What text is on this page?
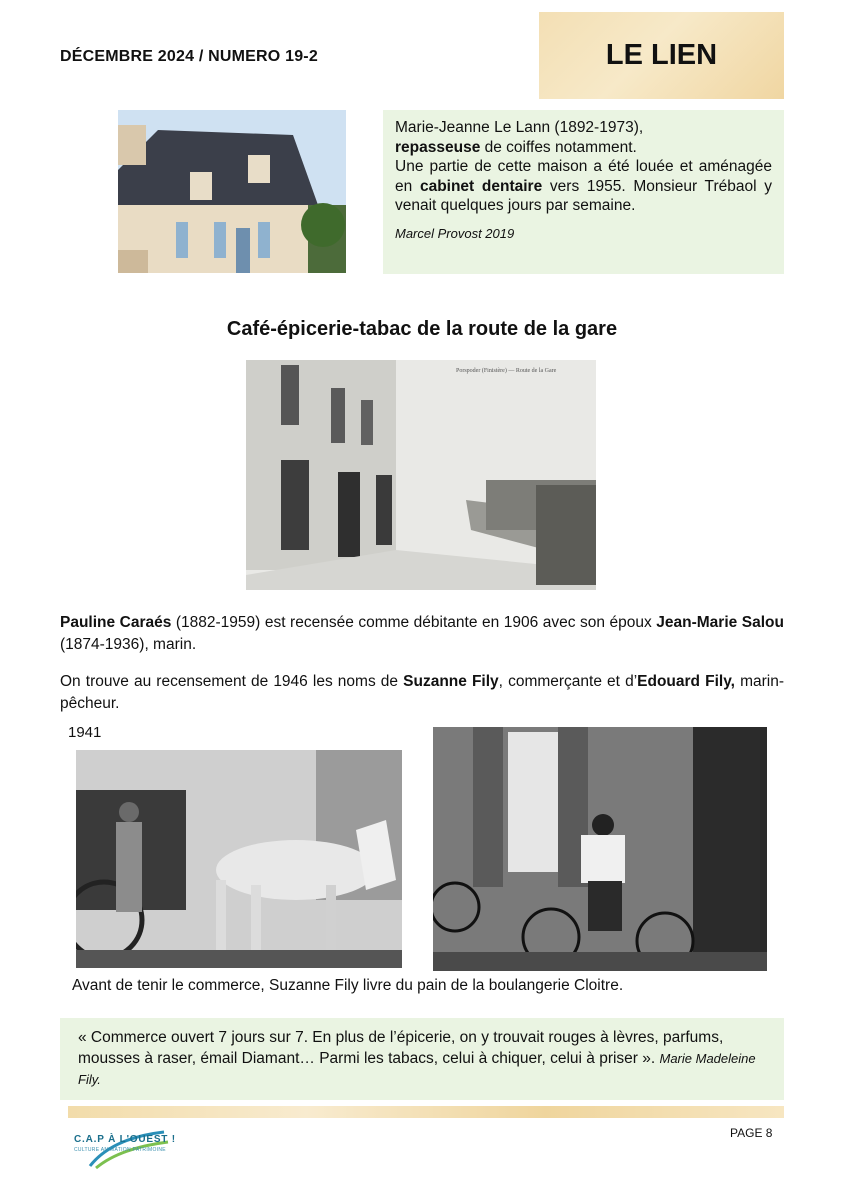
DÉCEMBRE 2024 / NUMERO 19-2	LE LIEN

Marie-Jeanne Le Lann (1892-1973),

repasseuse de coiffes notamment.

Une partie de cette maison a été louée et aménagée en cabinet dentaire vers 1955. Monsieur Trébaol y venait quelques jours par semaine.

Marcel Provost 2019

Café-épicerie-tabac de la route de la gare
Porspoder (Finistère) — Route de la Gare
Pauline Caraés (1882-1959) est recensée comme débitante en 1906 avec son époux Jean-Marie Salou (1874-1936), marin.
On trouve au recensement de 1946 les noms de Suzanne Fily, commerçante et d’Edouard Fily, marin-pêcheur.
1941
Avant de tenir le commerce, Suzanne Fily livre du pain de la boulangerie Cloitre.
« Commerce ouvert 7 jours sur 7. En plus de l’épicerie, on y trouvait rouges à lèvres, parfums, mousses à raser, émail Diamant… Parmi les tabacs, celui à chiquer, celui à priser ». Marie Madeleine Fily.
C.A.P À L'OUEST !
CULTURE ANIMATION PATRIMOINE
PAGE 8
